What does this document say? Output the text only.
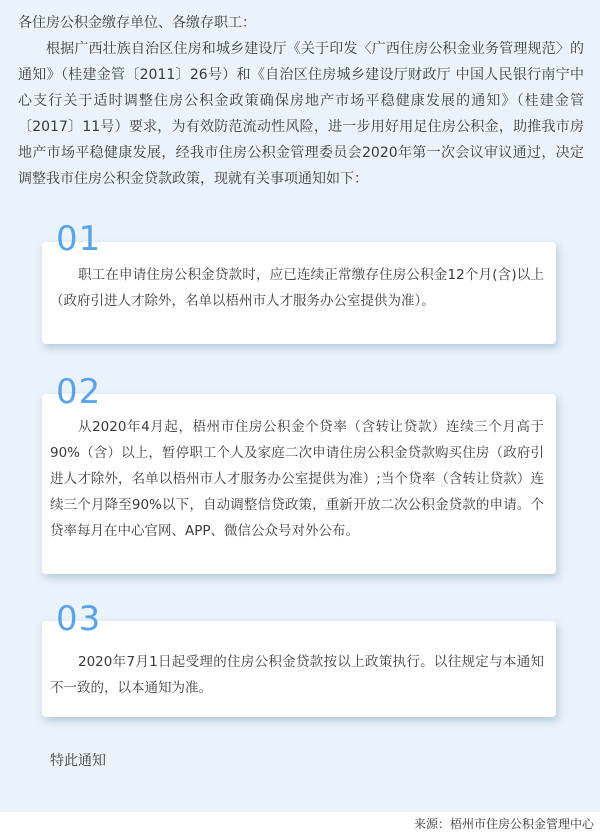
各住房公积金缴存单位、各缴存职工：

根据广西壮族自治区住房和城乡建设厅《关于印发〈广西住房公积金业务管理规范〉的通知》（桂建金管〔2011〕26号）和《自治区住房城乡建设厅财政厅 中国人民银行南宁中心支行关于适时调整住房公积金政策确保房地产市场平稳健康发展的通知》（桂建金管〔2017〕11号）要求，为有效防范流动性风险，进一步用好用足住房公积金，助推我市房地产市场平稳健康发展，经我市住房公积金管理委员会2020年第一次会议审议通过，决定调整我市住房公积金贷款政策，现就有关事项通知如下：

01

职工在申请住房公积金贷款时，应已连续正常缴存住房公积金12个月(含)以上（政府引进人才除外，名单以梧州市人才服务办公室提供为准）。

02

从2020年4月起，梧州市住房公积金个贷率（含转让贷款）连续三个月高于90%（含）以上，暂停职工个人及家庭二次申请住房公积金贷款购买住房（政府引进人才除外，名单以梧州市人才服务办公室提供为准）;当个贷率（含转让贷款）连续三个月降至90%以下，自动调整信贷政策，重新开放二次公积金贷款的申请。个贷率每月在中心官网、APP、微信公众号对外公布。

03

2020年7月1日起受理的住房公积金贷款按以上政策执行。以往规定与本通知不一致的，以本通知为准。

特此通知

来源：梧州市住房公积金管理中心
